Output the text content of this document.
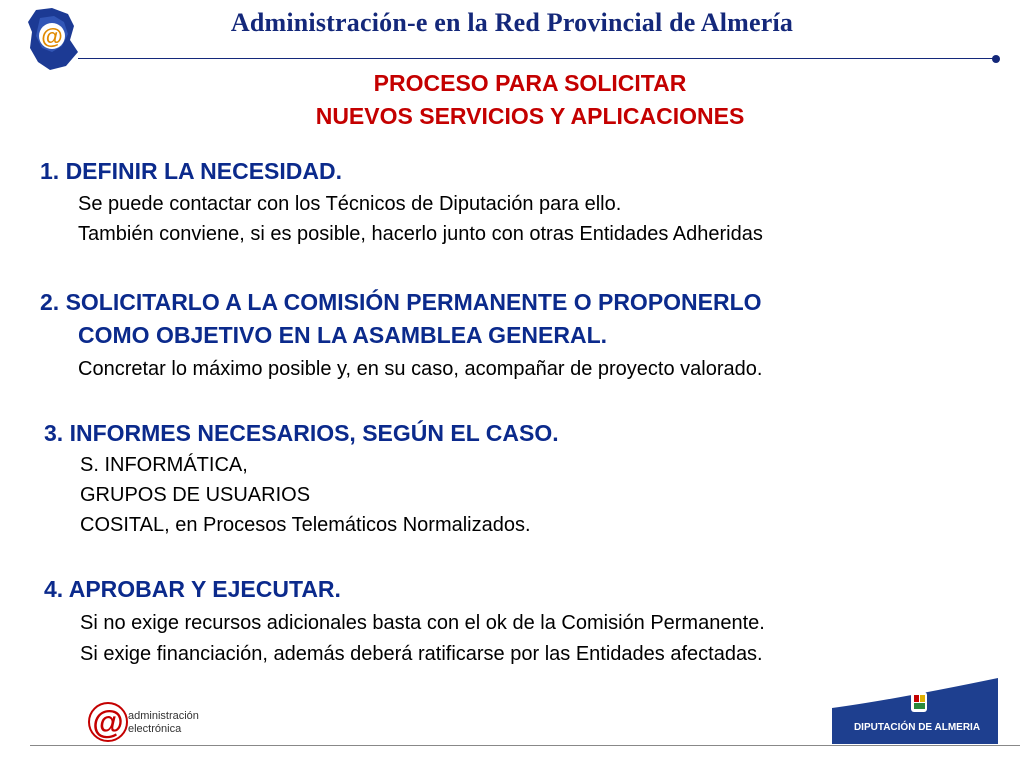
@	Administración-e en la Red Provincial de Almería
PROCESO PARA SOLICITAR
NUEVOS SERVICIOS Y APLICACIONES
1. DEFINIR LA NECESIDAD.
Se puede contactar con los Técnicos de Diputación para ello.
También conviene, si es posible, hacerlo junto con otras Entidades Adheridas
2. SOLICITARLO A LA COMISIÓN PERMANENTE O PROPONERLO
COMO OBJETIVO EN LA ASAMBLEA GENERAL.
Concretar lo máximo posible y, en su caso, acompañar de proyecto valorado.
3. INFORMES NECESARIOS, SEGÚN EL CASO.
S. INFORMÁTICA,
GRUPOS DE USUARIOS
COSITAL, en Procesos Telemáticos Normalizados.
4. APROBAR Y EJECUTAR.
Si no exige recursos adicionales basta con el ok de la Comisión Permanente.
Si exige financiación, además deberá ratificarse por las Entidades afectadas.
@ administración
electrónica	DIPUTACIÓN DE ALMERIA
